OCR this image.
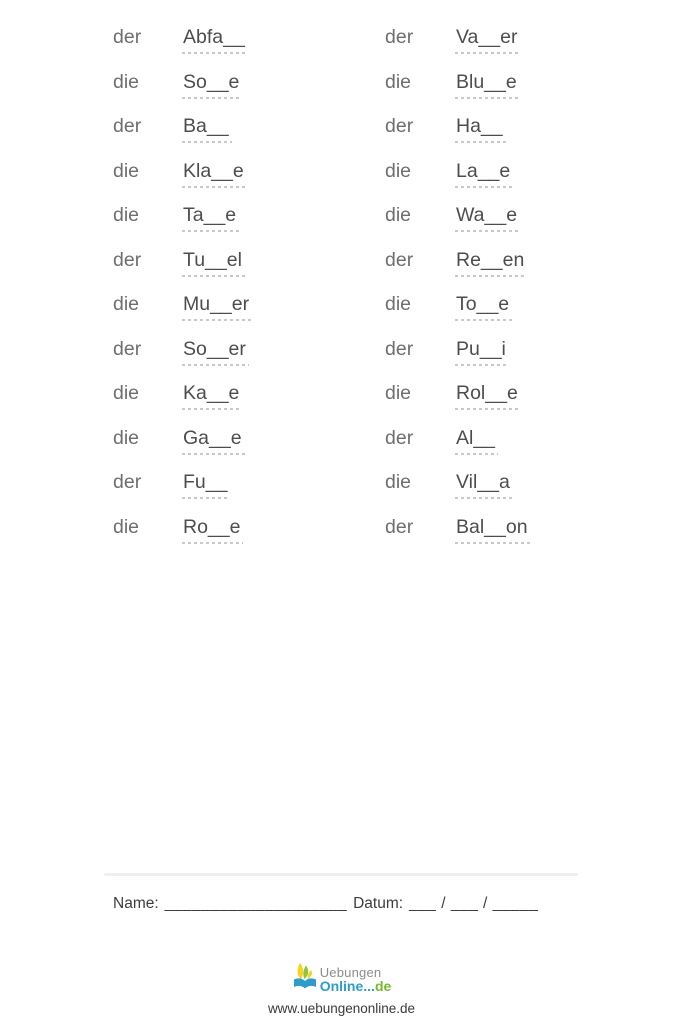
der	Abfa__
die	So__e
der	Ba__
die	Kla__e
die	Ta__e
der	Tu__el
die	Mu__er
der	So__er
die	Ka__e
die	Ga__e
der	Fu__
die	Ro__e
der	Va__er
die	Blu__e
der	Ha__
die	La__e
die	Wa__e
der	Re__en
die	To__e
der	Pu__i
die	Rol__e
der	Al__
die	Vil__a
der	Bal__on
Name: ____________________ Datum: ___ / ___ / _____
Uebungen
Online...de
www.uebungenonline.de
